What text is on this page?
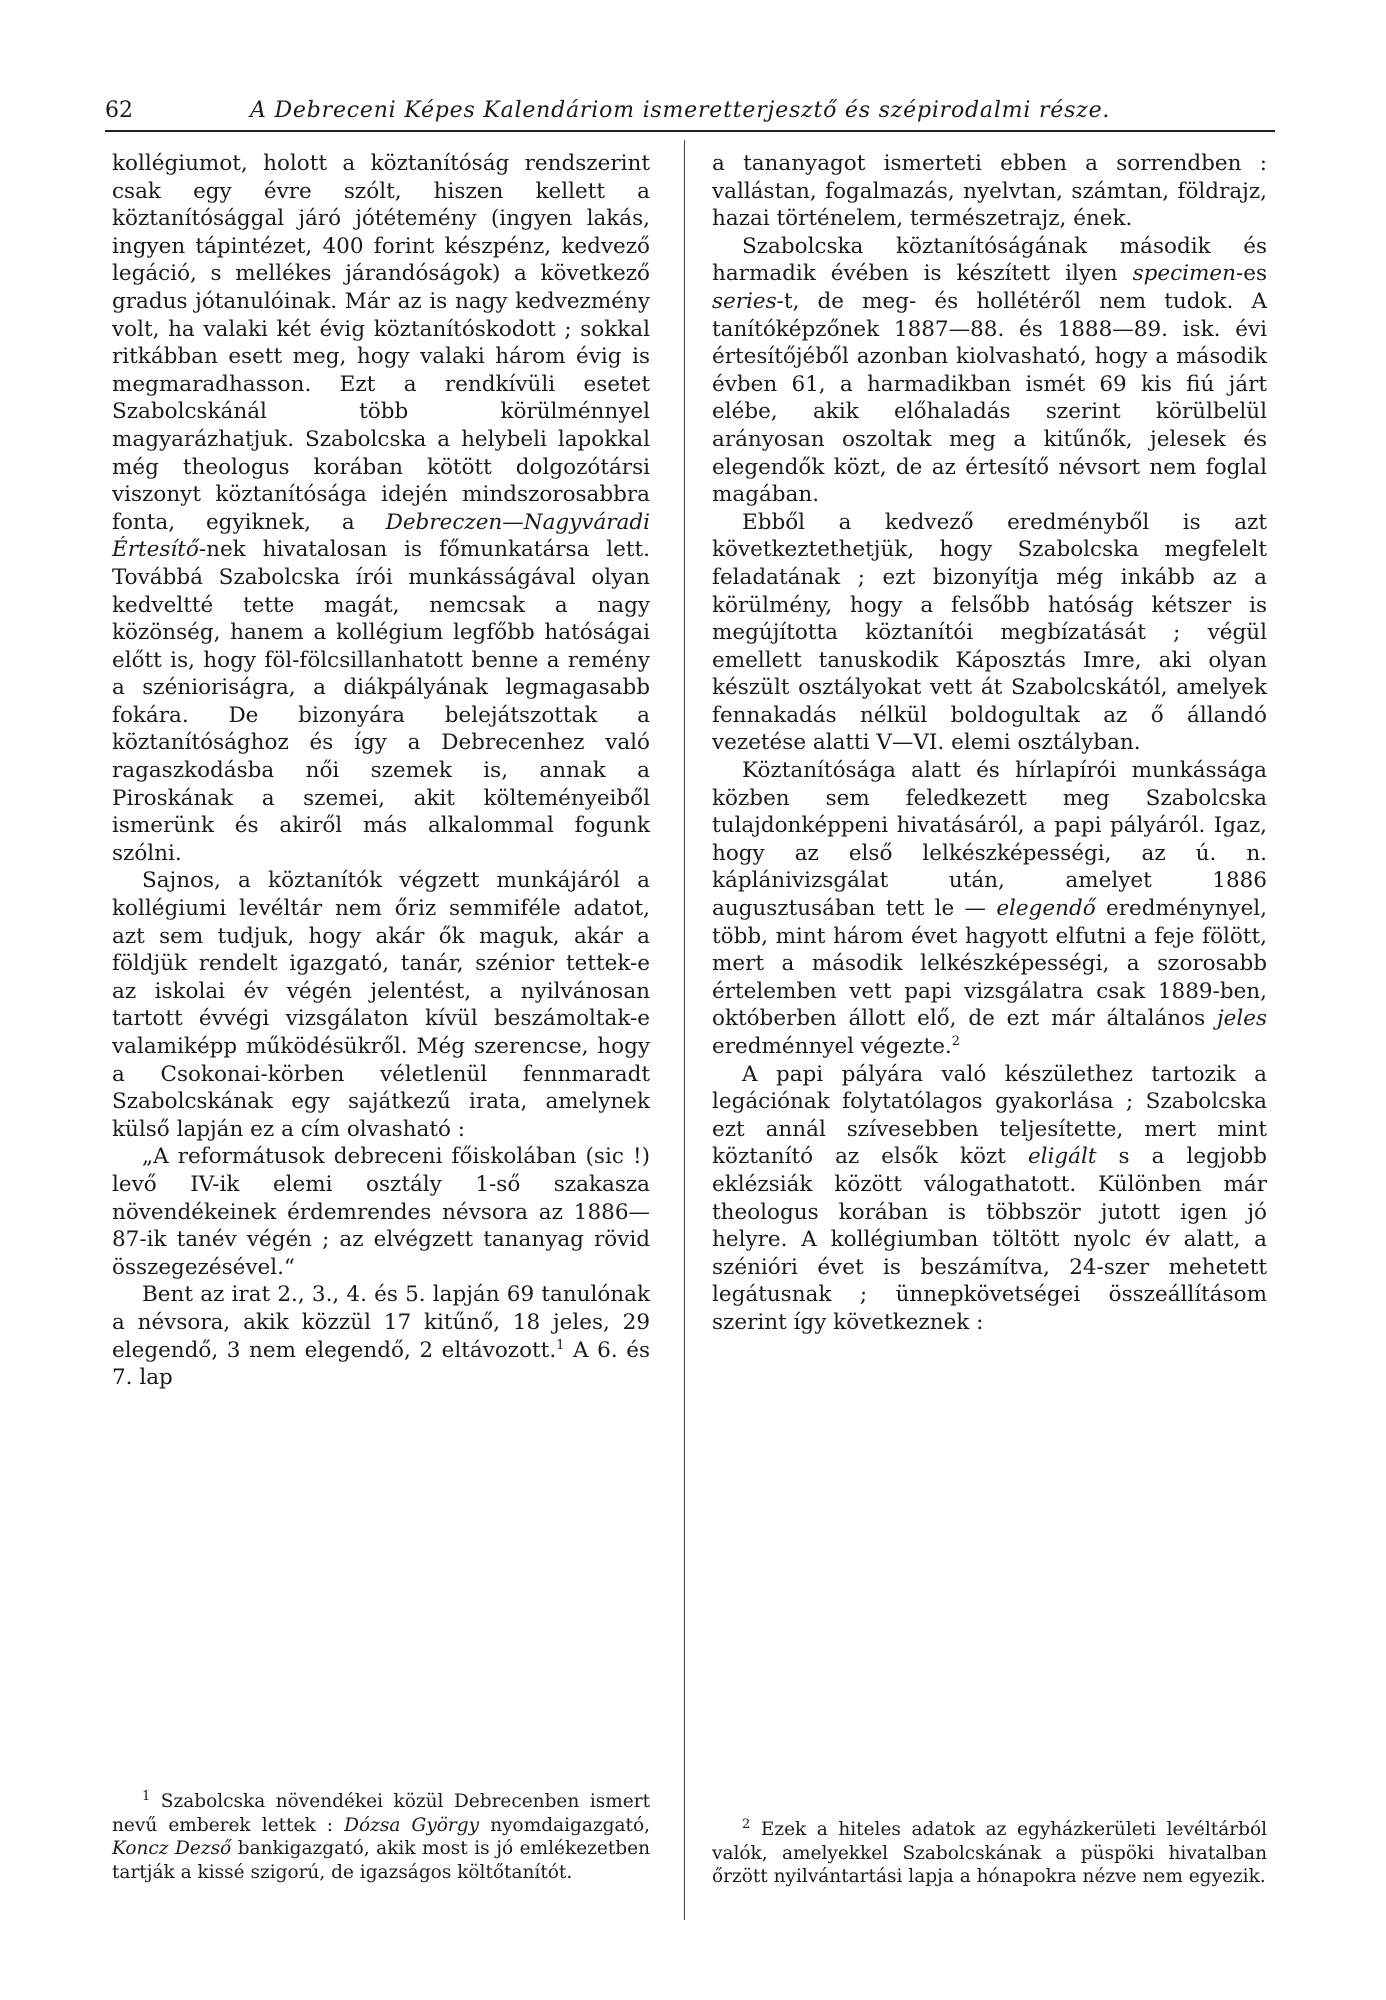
62	A Debreceni Képes Kalendáriom ismeretterjesztő és szépirodalmi része.

kollégiumot, holott a köztanítóság rendszerint csak egy évre szólt, hiszen kellett a köztanítósággal járó jótétemény (ingyen lakás, ingyen tápintézet, 400 forint készpénz, kedvező legáció, s mellékes járandóságok) a következő gradus jótanulóinak. Már az is nagy kedvezmény volt, ha valaki két évig köztanítóskodott ; sokkal ritkábban esett meg, hogy valaki három évig is megmaradhasson. Ezt a rendkívüli esetet Szabolcskánál több körülménnyel magyarázhatjuk. Szabolcska a helybeli lapokkal még theologus korában kötött dolgozótársi viszonyt köztanítósága idején mindszorosabbra fonta, egyiknek, a Debreczen—Nagyváradi Értesítő-nek hivatalosan is főmunkatársa lett. Továbbá Szabolcska írói munkásságával olyan kedveltté tette magát, nemcsak a nagy közönség, hanem a kollégium legfőbb hatóságai előtt is, hogy föl-fölcsillanhatott benne a remény a szénioriságra, a diákpályának legmagasabb fokára. De bizonyára belejátszottak a köztanítósághoz és így a Debrecenhez való ragaszkodásba női szemek is, annak a Piroskának a szemei, akit költeményeiből ismerünk és akiről más alkalommal fogunk szólni.

Sajnos, a köztanítók végzett munkájáról a kollégiumi levéltár nem őriz semmiféle adatot, azt sem tudjuk, hogy akár ők maguk, akár a földjük rendelt igazgató, tanár, szénior tettek-e az iskolai év végén jelentést, a nyilvánosan tartott évvégi vizsgálaton kívül beszámoltak-e valamiképp működésükről. Még szerencse, hogy a Csokonai-körben véletlenül fennmaradt Szabolcskának egy sajátkezű irata, amelynek külső lapján ez a cím olvasható :

„A reformátusok debreceni főiskolában (sic !) levő IV-ik elemi osztály 1-ső szakasza növendékeinek érdemrendes névsora az 1886—87-ik tanév végén ; az elvégzett tananyag rövid összegezésével.“

Bent az irat 2., 3., 4. és 5. lapján 69 tanulónak a névsora, akik közzül 17 kitűnő, 18 jeles, 29 elegendő, 3 nem elegendő, 2 eltávozott.$^1$ A 6. és 7. lap

a tananyagot ismerteti ebben a sorrendben : vallástan, fogalmazás, nyelvtan, számtan, földrajz, hazai történelem, természetrajz, ének.

Szabolcska köztanítóságának második és harmadik évében is készített ilyen specimen-es series-t, de meg- és hollétéről nem tudok. A tanítóképzőnek 1887—88. és 1888—89. isk. évi értesítőjéből azonban kiolvasható, hogy a második évben 61, a harmadikban ismét 69 kis fiú járt elébe, akik előhaladás szerint körülbelül arányosan oszoltak meg a kitűnők, jelesek és elegendők közt, de az értesítő névsort nem foglal magában.

Ebből a kedvező eredményből is azt következtethetjük, hogy Szabolcska megfelelt feladatának ; ezt bizonyítja még inkább az a körülmény, hogy a felsőbb hatóság kétszer is megújította köztanítói megbízatását ; végül emellett tanuskodik Káposztás Imre, aki olyan készült osztályokat vett át Szabolcskától, amelyek fennakadás nélkül boldogultak az ő állandó vezetése alatti V—VI. elemi osztályban.

Köztanítósága alatt és hírlapírói munkássága közben sem feledkezett meg Szabolcska tulajdonképpeni hivatásáról, a papi pályáról. Igaz, hogy az első lelkészképességi, az ú. n. káplánivizsgálat után, amelyet 1886 augusztusában tett le — elegendő eredménynyel, több, mint három évet hagyott elfutni a feje fölött, mert a második lelkészképességi, a szorosabb értelemben vett papi vizsgálatra csak 1889-ben, októberben állott elő, de ezt már általános jeles eredménnyel végezte.$^2$

A papi pályára való készülethez tartozik a legációnak folytatólagos gyakorlása ; Szabolcska ezt annál szívesebben teljesítette, mert mint köztanító az elsők közt eligált s a legjobb eklézsiák között válogathatott. Különben már theologus korában is többször jutott igen jó helyre. A kollégiumban töltött nyolc év alatt, a szénióri évet is beszámítva, 24-szer mehetett legátusnak ; ünnepkövetségei összeállításom szerint így következnek :

$^1$ Szabolcska növendékei közül Debrecenben ismert nevű emberek lettek : Dózsa György nyomdaigazgató, Koncz Dezső bankigazgató, akik most is jó emlékezetben tartják a kissé szigorú, de igazságos költőtanítót.

$^2$ Ezek a hiteles adatok az egyházkerületi levéltárból valók, amelyekkel Szabolcskának a püspöki hivatalban őrzött nyilvántartási lapja a hónapokra nézve nem egyezik.
